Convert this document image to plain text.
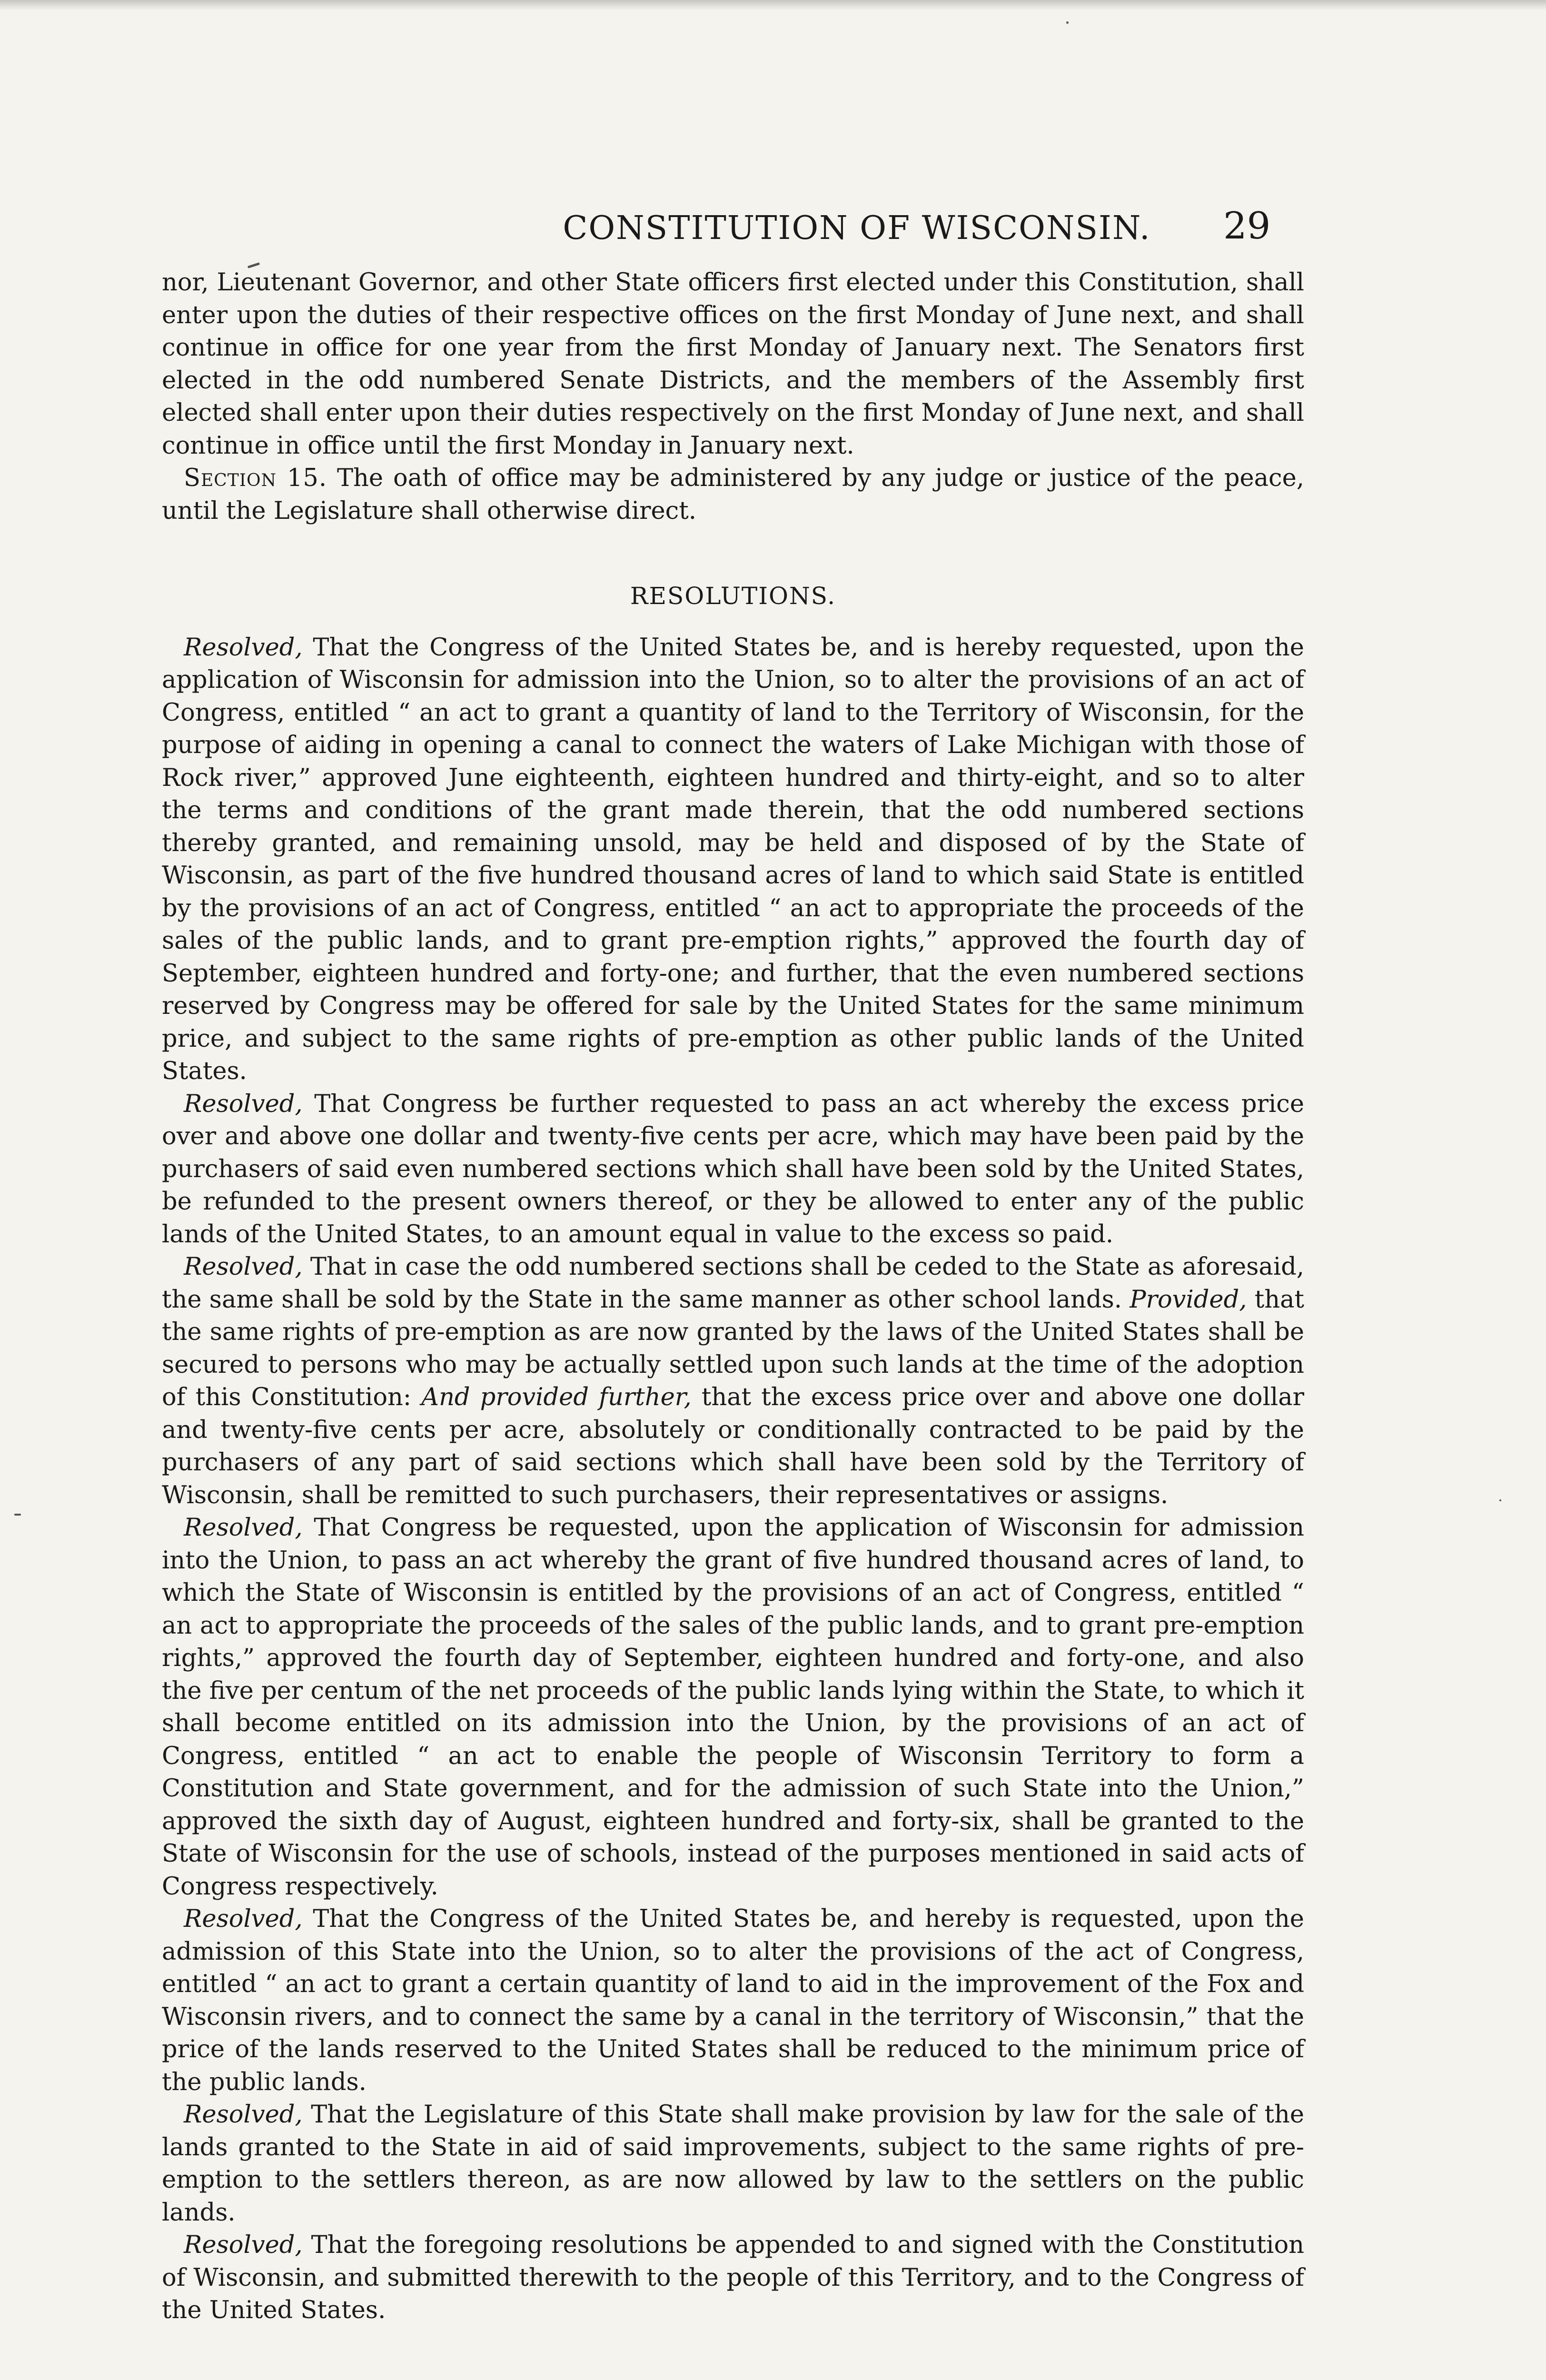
CONSTITUTION OF WISCONSIN.	29

nor, Lieutenant Governor, and other State officers first elected under this Constitution, shall enter upon the duties of their respective offices on the first Monday of June next, and shall continue in office for one year from the first Monday of January next. The Senators first elected in the odd numbered Senate Districts, and the members of the Assembly first elected shall enter upon their duties respectively on the first Monday of June next, and shall continue in office until the first Monday in January next.

Section 15. The oath of office may be administered by any judge or justice of the peace, until the Legislature shall otherwise direct.

RESOLUTIONS.

Resolved, That the Congress of the United States be, and is hereby requested, upon the application of Wisconsin for admission into the Union, so to alter the provisions of an act of Congress, entitled “ an act to grant a quantity of land to the Territory of Wisconsin, for the purpose of aiding in opening a canal to connect the waters of Lake Michigan with those of Rock river,” approved June eighteenth, eighteen hundred and thirty-eight, and so to alter the terms and conditions of the grant made therein, that the odd numbered sections thereby granted, and remaining unsold, may be held and disposed of by the State of Wisconsin, as part of the five hundred thousand acres of land to which said State is entitled by the provisions of an act of Congress, entitled “ an act to appropriate the proceeds of the sales of the public lands, and to grant pre-emption rights,” approved the fourth day of September, eighteen hundred and forty-one; and further, that the even numbered sections reserved by Congress may be offered for sale by the United States for the same minimum price, and subject to the same rights of pre-emption as other public lands of the United States.

Resolved, That Congress be further requested to pass an act whereby the excess price over and above one dollar and twenty-five cents per acre, which may have been paid by the purchasers of said even numbered sections which shall have been sold by the United States, be refunded to the present owners thereof, or they be allowed to enter any of the public lands of the United States, to an amount equal in value to the excess so paid.

Resolved, That in case the odd numbered sections shall be ceded to the State as aforesaid, the same shall be sold by the State in the same manner as other school lands. Provided, that the same rights of pre-emption as are now granted by the laws of the United States shall be secured to persons who may be actually settled upon such lands at the time of the adoption of this Constitution: And provided further, that the excess price over and above one dollar and twenty-five cents per acre, absolutely or conditionally contracted to be paid by the purchasers of any part of said sections which shall have been sold by the Territory of Wisconsin, shall be remitted to such purchasers, their representatives or assigns.

Resolved, That Congress be requested, upon the application of Wisconsin for admission into the Union, to pass an act whereby the grant of five hundred thousand acres of land, to which the State of Wisconsin is entitled by the provisions of an act of Congress, entitled “ an act to appropriate the proceeds of the sales of the public lands, and to grant pre-emption rights,” approved the fourth day of September, eighteen hundred and forty-one, and also the five per centum of the net proceeds of the public lands lying within the State, to which it shall become entitled on its admission into the Union, by the provisions of an act of Congress, entitled “ an act to enable the people of Wisconsin Territory to form a Constitution and State government, and for the admission of such State into the Union,” approved the sixth day of August, eighteen hundred and forty-six, shall be granted to the State of Wisconsin for the use of schools, instead of the purposes mentioned in said acts of Congress respectively.

Resolved, That the Congress of the United States be, and hereby is requested, upon the admission of this State into the Union, so to alter the provisions of the act of Congress, entitled “ an act to grant a certain quantity of land to aid in the improvement of the Fox and Wisconsin rivers, and to connect the same by a canal in the territory of Wisconsin,” that the price of the lands reserved to the United States shall be reduced to the minimum price of the public lands.

Resolved, That the Legislature of this State shall make provision by law for the sale of the lands granted to the State in aid of said improvements, subject to the same rights of pre-emption to the settlers thereon, as are now allowed by law to the settlers on the public lands.

Resolved, That the foregoing resolutions be appended to and signed with the Constitution of Wisconsin, and submitted therewith to the people of this Territory, and to the Congress of the United States.
